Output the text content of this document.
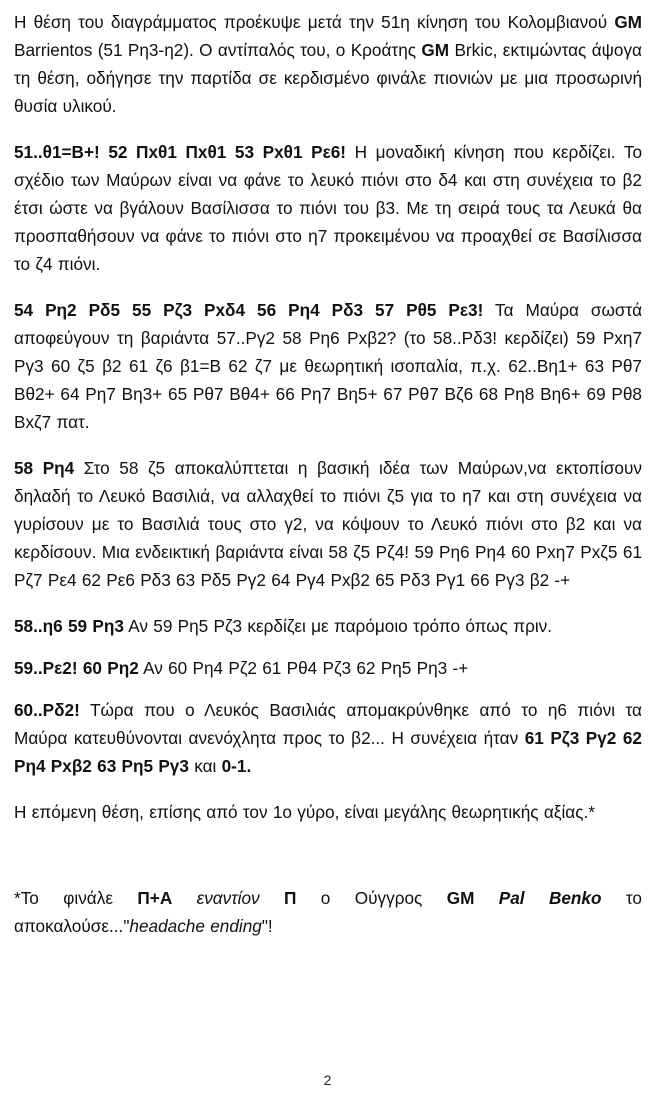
Η θέση του διαγράμματος προέκυψε μετά την 51η κίνηση του Κολομβιανού GM Barrientos (51 Ρη3-η2). Ο αντίπαλός του, ο Κροάτης GM Brkic, εκτιμώντας άψογα τη θέση, οδήγησε την παρτίδα σε κερδισμένο φινάλε πιονιών με μια προσωρινή θυσία υλικού.

51..θ1=Β+! 52 Πxθ1 Πxθ1 53 Ρxθ1 Ρε6! Η μοναδική κίνηση που κερδίζει. Το σχέδιο των Μαύρων είναι να φάνε το λευκό πιόνι στο δ4 και στη συνέχεια το β2 έτσι ώστε να βγάλουν Βασίλισσα το πιόνι του β3. Με τη σειρά τους τα Λευκά θα προσπαθήσουν να φάνε το πιόνι στο η7 προκειμένου να προαχθεί σε Βασίλισσα το ζ4 πιόνι.

54 Ρη2 Ρδ5 55 Ρζ3 Ρxδ4 56 Ρη4 Ρδ3 57 Ρθ5 Ρε3! Τα Μαύρα σωστά αποφεύγουν τη βαριάντα 57..Ργ2 58 Ρη6 Ρxβ2? (το 58..Ρδ3! κερδίζει) 59 Ρxη7 Ργ3 60 ζ5 β2 61 ζ6 β1=Β 62 ζ7 με θεωρητική ισοπαλία, π.χ. 62..Βη1+ 63 Ρθ7 Βθ2+ 64 Ρη7 Βη3+ 65 Ρθ7 Βθ4+ 66 Ρη7 Βη5+ 67 Ρθ7 Βζ6 68 Ρη8 Βη6+ 69 Ρθ8 Βxζ7 πατ.

58 Ρη4 Στο 58 ζ5 αποκαλύπτεται η βασική ιδέα των Μαύρων,να εκτοπίσουν δηλαδή το Λευκό Βασιλιά, να αλλαχθεί το πιόνι ζ5 για το η7 και στη συνέχεια να γυρίσουν με το Βασιλιά τους στο γ2, να κόψουν το Λευκό πιόνι στο β2 και να κερδίσουν. Μια ενδεικτική βαριάντα είναι 58 ζ5 Ρζ4! 59 Ρη6 Ρη4 60 Ρxη7 Ρxζ5 61 Ρζ7 Ρε4 62 Ρε6 Ρδ3 63 Ρδ5 Ργ2 64 Ργ4 Ρxβ2 65 Ρδ3 Ργ1 66 Ργ3 β2 -+

58..η6 59 Ρη3 Αν 59 Ρη5 Ρζ3 κερδίζει με παρόμοιο τρόπο όπως πριν.

59..Ρε2! 60 Ρη2 Αν 60 Ρη4 Ρζ2 61 Ρθ4 Ρζ3 62 Ρη5 Ρη3 -+

60..Ρδ2! Τώρα που ο Λευκός Βασιλιάς απομακρύνθηκε από το η6 πιόνι τα Μαύρα κατευθύνονται ανενόχλητα προς το β2... Η συνέχεια ήταν 61 Ρζ3 Ργ2 62 Ρη4 Ρxβ2 63 Ρη5 Ργ3 και 0-1.

Η επόμενη θέση, επίσης από τον 1ο γύρο, είναι μεγάλης θεωρητικής αξίας.*

*Το φινάλε Π+Α εναντίον Π ο Ούγγρος GM Pal Benko το αποκαλούσε..."headache ending"!

2
